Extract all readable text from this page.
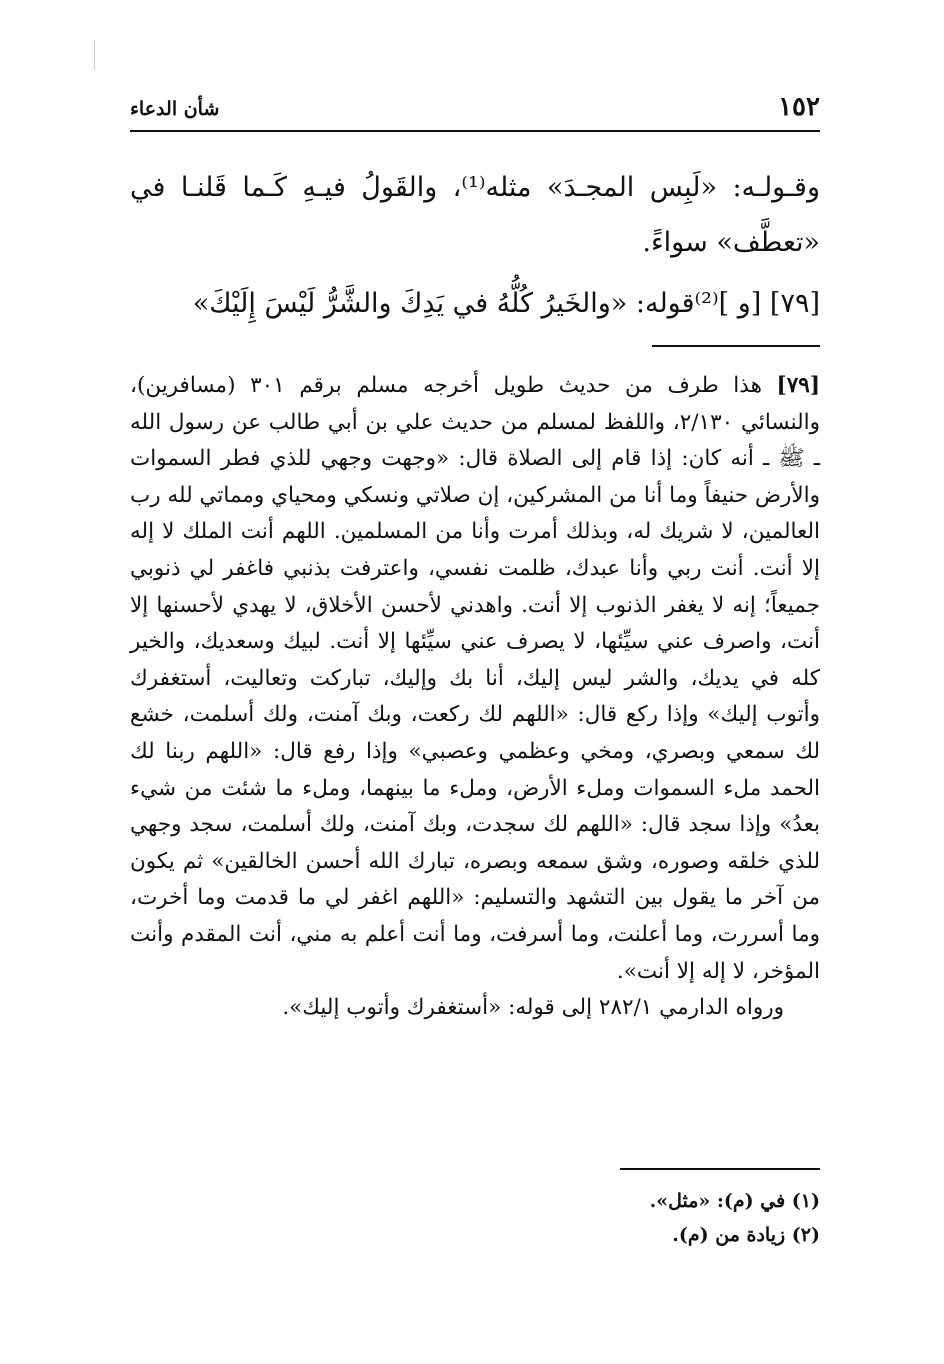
١٥٢
شأن الدعاء

وقـولـه: «لَبِس المجـدَ» مثله⁽¹⁾، والقَولُ فيـهِ كَـما قَلنـا في «تعطَّف» سواءً.

[٧٩] [و ]⁽²⁾قوله: «والخَيرُ كُلُّهُ في يَدِكَ والشَّرُّ لَيْسَ إِلَيْكَ»

[٧٩] هذا طرف من حديث طويل أخرجه مسلم برقم ٣٠١ (مسافرين)، والنسائي ٢/١٣٠، واللفظ لمسلم من حديث علي بن أبي طالب عن رسول الله ـ ﷺ ـ أنه كان: إذا قام إلى الصلاة قال: «وجهت وجهي للذي فطر السموات والأرض حنيفاً وما أنا من المشركين، إن صلاتي ونسكي ومحياي ومماتي لله رب العالمين، لا شريك له، وبذلك أمرت وأنا من المسلمين. اللهم أنت الملك لا إله إلا أنت. أنت ربي وأنا عبدك، ظلمت نفسي، واعترفت بذنبي فاغفر لي ذنوبي جميعاً؛ إنه لا يغفر الذنوب إلا أنت. واهدني لأحسن الأخلاق، لا يهدي لأحسنها إلا أنت، واصرف عني سيِّئها، لا يصرف عني سيِّئها إلا أنت. لبيك وسعديك، والخير كله في يديك، والشر ليس إليك، أنا بك وإليك، تباركت وتعاليت، أستغفرك وأتوب إليك» وإذا ركع قال: «اللهم لك ركعت، وبك آمنت، ولك أسلمت، خشع لك سمعي وبصري، ومخي وعظمي وعصبي» وإذا رفع قال: «اللهم ربنا لك الحمد ملء السموات وملء الأرض، وملء ما بينهما، وملء ما شئت من شيء بعدُ» وإذا سجد قال: «اللهم لك سجدت، وبك آمنت، ولك أسلمت، سجد وجهي للذي خلقه وصوره، وشق سمعه وبصره، تبارك الله أحسن الخالقين» ثم يكون من آخر ما يقول بين التشهد والتسليم: «اللهم اغفر لي ما قدمت وما أخرت، وما أسررت، وما أعلنت، وما أسرفت، وما أنت أعلم به مني، أنت المقدم وأنت المؤخر، لا إله إلا أنت».

ورواه الدارمي ٢٨٢/١ إلى قوله: «أستغفرك وأتوب إليك».

(١) في (م): «مثل».

(٢) زيادة من (م).
